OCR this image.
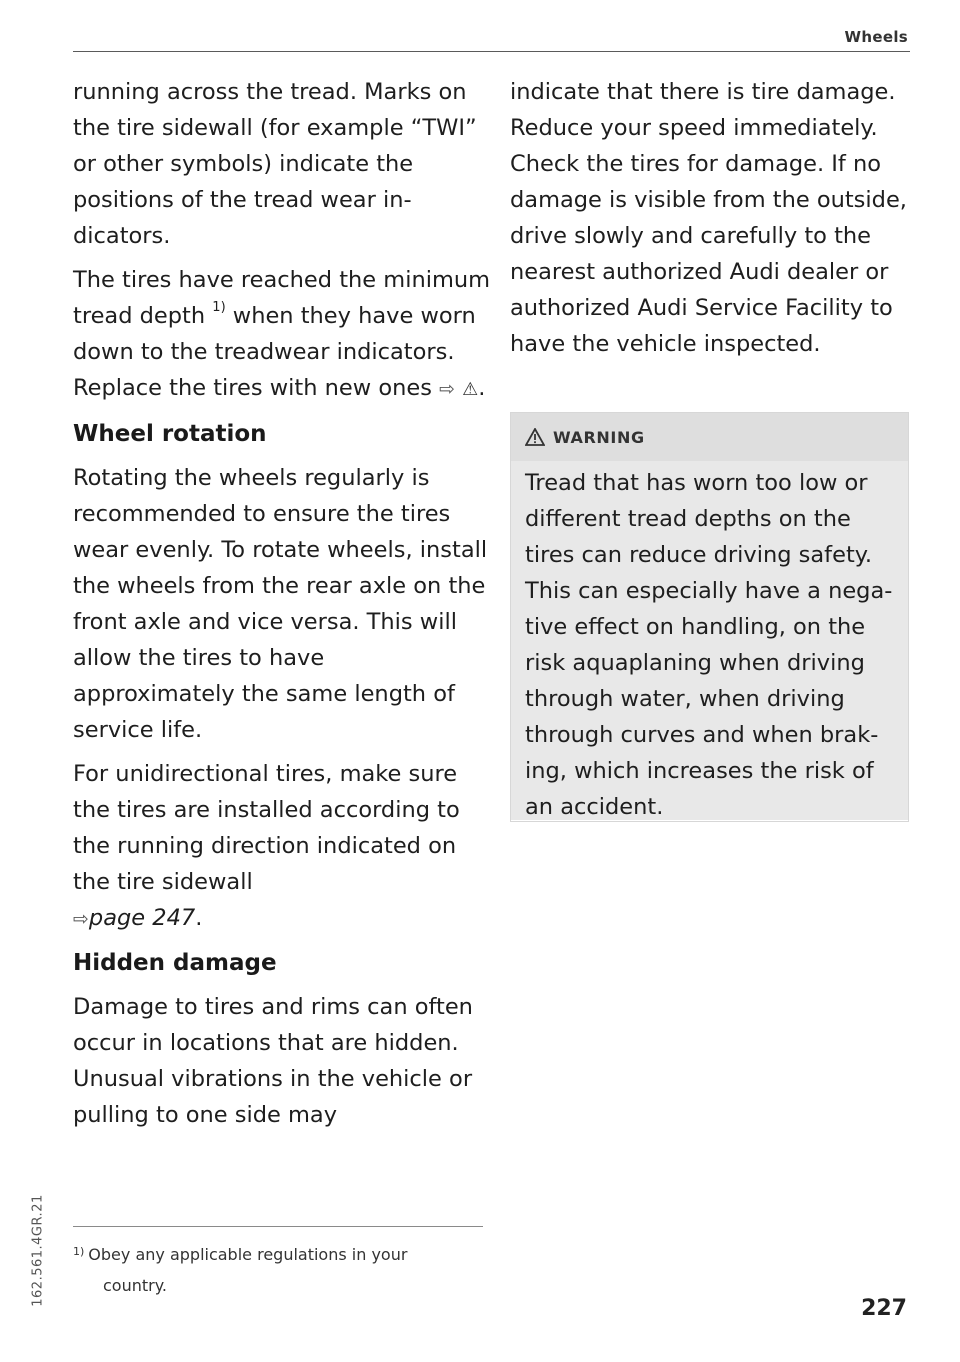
Wheels

running across the tread. Marks on the tire sidewall (for example “TWI” or other symbols) indicate the positions of the tread wear indicators.

The tires have reached the minimum tread depth $^{1)}$ when they have worn down to the treadwear indicators. Replace the tires with new ones ⇨ ⚠.

Wheel rotation

Rotating the wheels regularly is recommended to ensure the tires wear evenly. To rotate wheels, install the wheels from the rear axle on the front axle and vice versa. This will allow the tires to have approximately the same length of service life.

For unidirectional tires, make sure the tires are installed according to the running direction indicated on the tire sidewall
⇨page 247.

Hidden damage

Damage to tires and rims can often occur in locations that are hidden. Unusual vibrations in the vehicle or pulling to one side may

indicate that there is tire damage. Reduce your speed immediately. Check the tires for damage. If no damage is visible from the outside, drive slowly and carefully to the nearest authorized Audi dealer or authorized Audi Service Facility to have the vehicle inspected.

WARNING
Tread that has worn too low or different tread depths on the tires can reduce driving safety. This can especially have a negative effect on handling, on the risk aquaplaning when driving through water, when driving through curves and when braking, which increases the risk of an accident.
$^{1)}$ Obey any applicable regulations in your
country.
162.561.4GR.21
227
